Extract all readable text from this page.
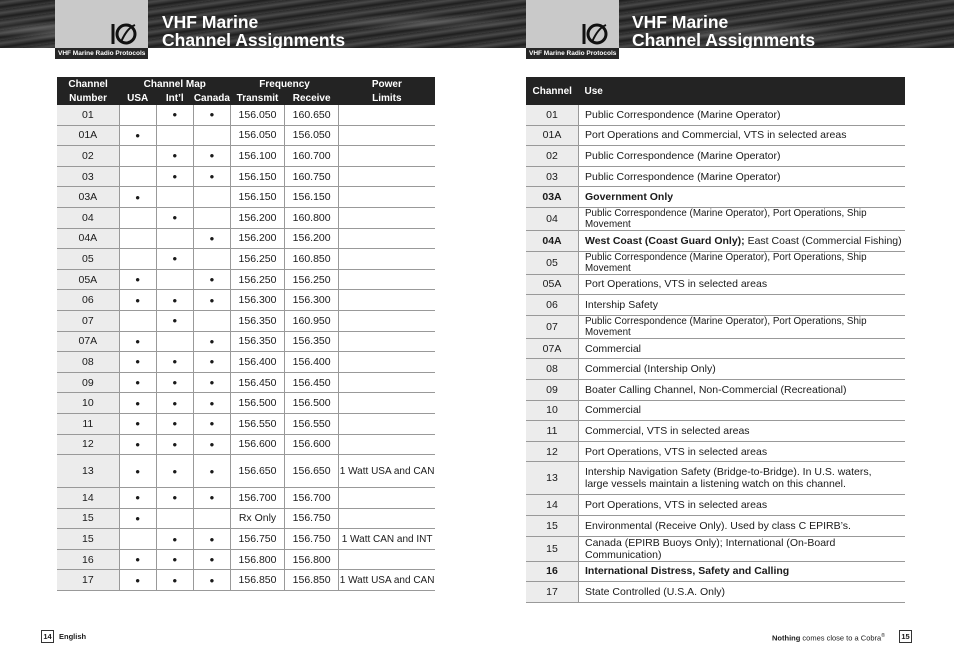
VHF Marine Radio Protocols
VHF Marine
Channel Assignments
VHF Marine Radio Protocols
VHF Marine
Channel Assignments
Channel	Channel Map			Frequency		Power
Number	USA	Int’l	Canada	Transmit	Receive	Limits
01		•	•	156.050	160.650	
01A	•			156.050	156.050	
02		•	•	156.100	160.700	
03		•	•	156.150	160.750	
03A	•			156.150	156.150	
04		•		156.200	160.800	
04A			•	156.200	156.200	
05		•		156.250	160.850	
05A	•		•	156.250	156.250	
06	•	•	•	156.300	156.300	
07		•		156.350	160.950	
07A	•		•	156.350	156.350	
08	•	•	•	156.400	156.400	
09	•	•	•	156.450	156.450	
10	•	•	•	156.500	156.500	
11	•	•	•	156.550	156.550	
12	•	•	•	156.600	156.600	
13	•	•	•	156.650	156.650	1 Watt USA and CAN
14	•	•	•	156.700	156.700	
15	•			Rx Only	156.750	
15		•	•	156.750	156.750	1 Watt CAN and INT
16	•	•	•	156.800	156.800	
17	•	•	•	156.850	156.850	1 Watt USA and CAN
Channel	Use
01	Public Correspondence (Marine Operator)
01A	Port Operations and Commercial, VTS in selected areas
02	Public Correspondence (Marine Operator)
03	Public Correspondence (Marine Operator)
03A	Government Only
04	Public Correspondence (Marine Operator), Port Operations, Ship Movement
04A	West Coast (Coast Guard Only); East Coast (Commercial Fishing)
05	Public Correspondence (Marine Operator), Port Operations, Ship Movement
05A	Port Operations, VTS in selected areas
06	Intership Safety
07	Public Correspondence (Marine Operator), Port Operations, Ship Movement
07A	Commercial
08	Commercial (Intership Only)
09	Boater Calling Channel, Non-Commercial (Recreational)
10	Commercial
11	Commercial, VTS in selected areas
12	Port Operations, VTS in selected areas
13	Intership Navigation Safety (Bridge-to-Bridge). In U.S. waters,
large vessels maintain a listening watch on this channel.
14	Port Operations, VTS in selected areas
15	Environmental (Receive Only). Used by class C EPIRB’s.
15	Canada (EPIRB Buoys Only); International (On-Board Communication)
16	International Distress, Safety and Calling
17	State Controlled (U.S.A. Only)
14 English	Nothing comes close to a Cobra®	15
